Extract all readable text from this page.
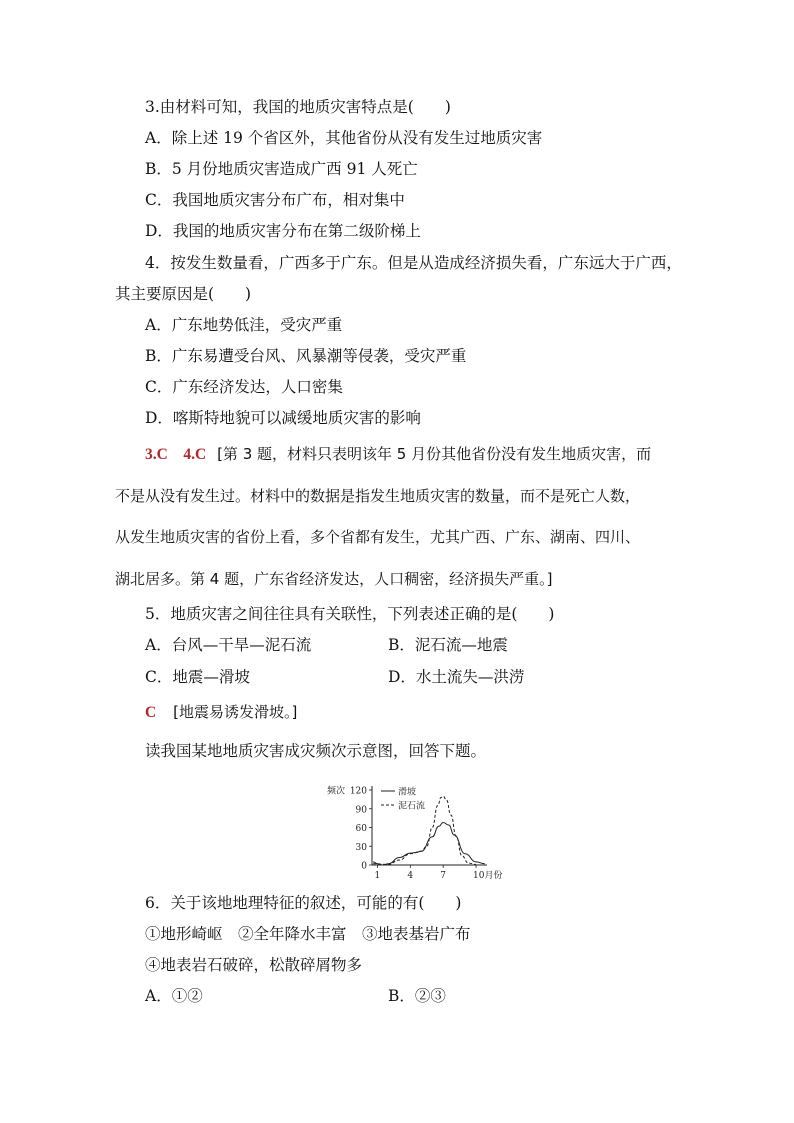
3.由材料可知，我国的地质灾害特点是(　　)
A．除上述 19 个省区外，其他省份从没有发生过地质灾害
B．5 月份地质灾害造成广西 91 人死亡
C．我国地质灾害分布广布，相对集中
D．我国的地质灾害分布在第二级阶梯上
4．按发生数量看，广西多于广东。但是从造成经济损失看，广东远大于广西，
其主要原因是(　　)
A．广东地势低洼，受灾严重
B．广东易遭受台风、风暴潮等侵袭，受灾严重
C．广东经济发达，人口密集
D．喀斯特地貌可以减缓地质灾害的影响
3.C　4.C [第 3 题，材料只表明该年 5 月份其他省份没有发生地质灾害，而
不是从没有发生过。材料中的数据是指发生地质灾害的数量，而不是死亡人数，
从发生地质灾害的省份上看，多个省都有发生，尤其广西、广东、湖南、四川、
湖北居多。第 4 题，广东省经济发达，人口稠密，经济损失严重。]
5．地质灾害之间往往具有关联性，下列表述正确的是(　　)
A．台风—干旱—泥石流	B．泥石流—地震
C．地震—滑坡	D．水土流失—洪涝
C [地震易诱发滑坡。]
读我国某地地质灾害成灾频次示意图，回答下题。
0
30
60
90
120
频次
1	4	7	10月份
滑坡
泥石流
6．关于该地地理特征的叙述，可能的有(　　)
①地形崎岖　②全年降水丰富　③地表基岩广布
④地表岩石破碎，松散碎屑物多
A．①②	B．②③
